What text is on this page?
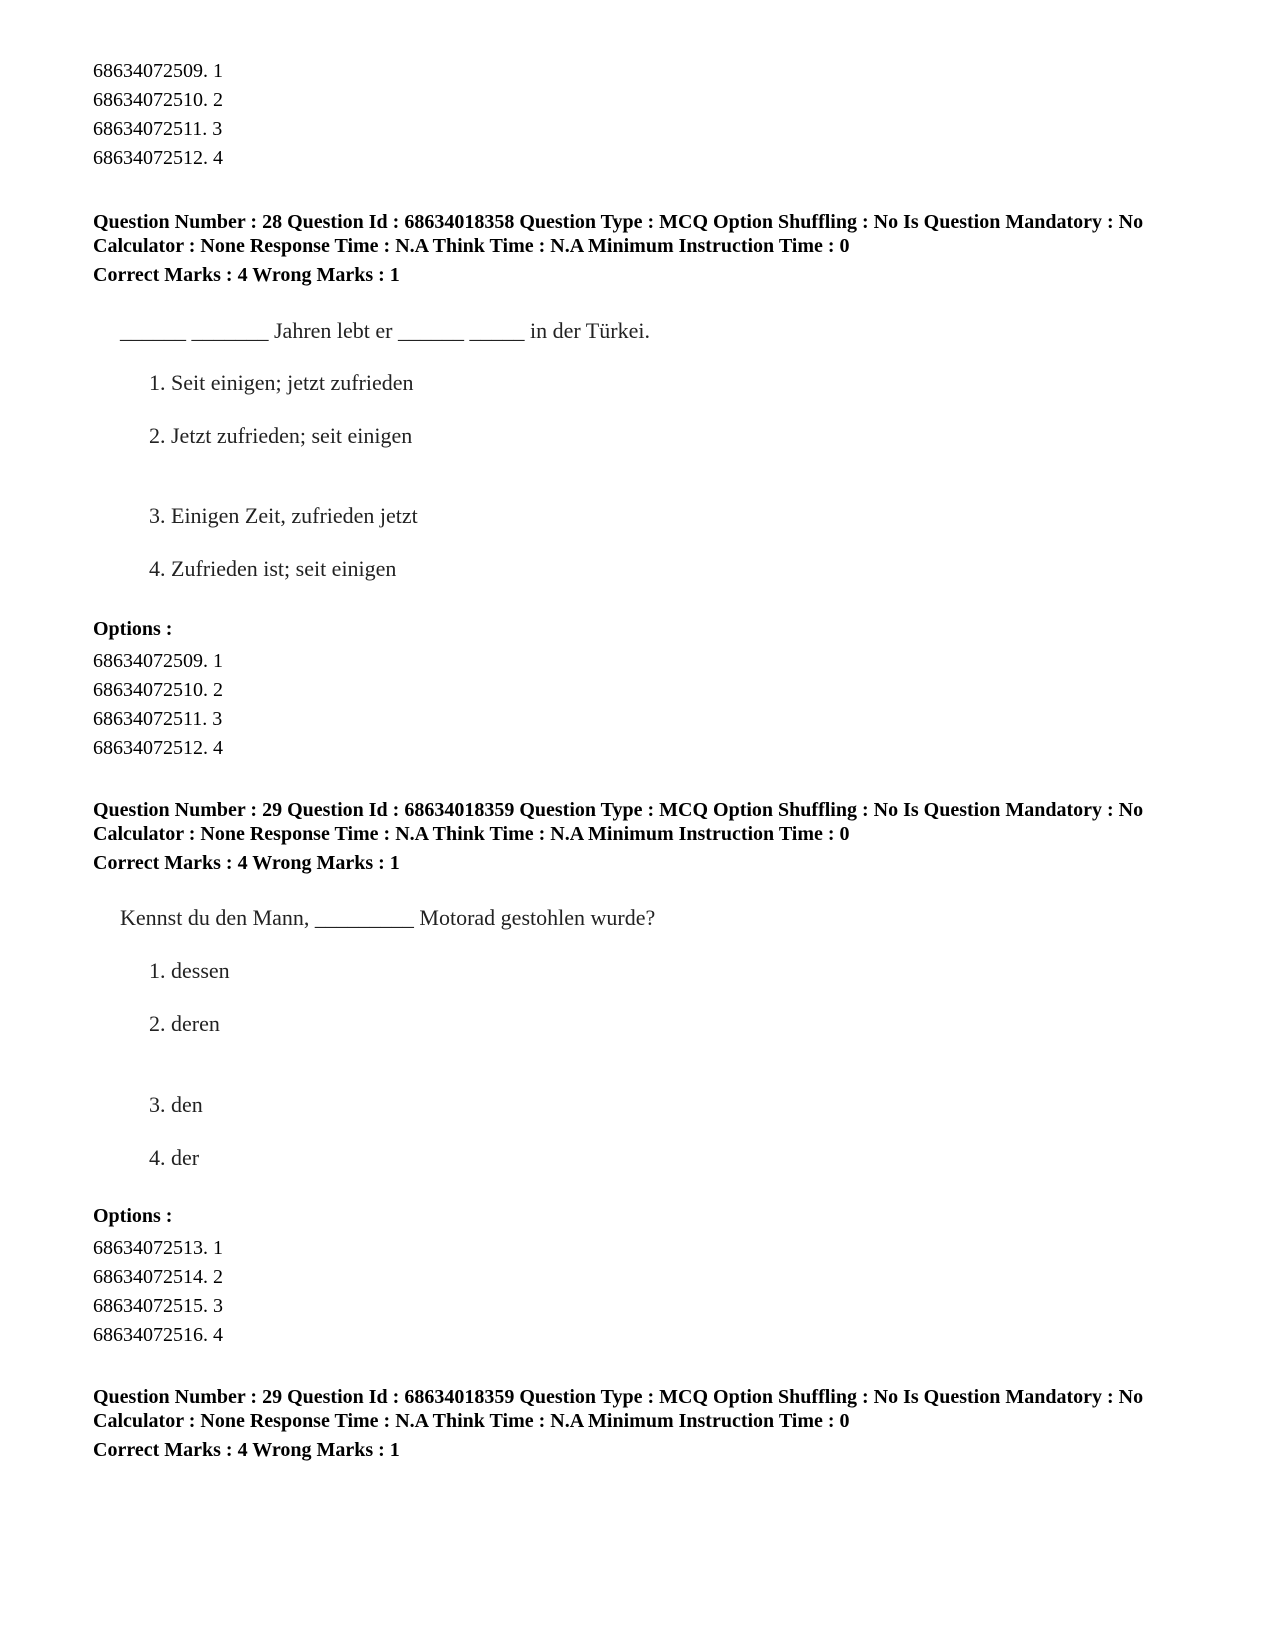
68634072509. 1
68634072510. 2
68634072511. 3
68634072512. 4
Question Number : 28 Question Id : 68634018358 Question Type : MCQ Option Shuffling : No Is Question Mandatory : No Calculator : None Response Time : N.A Think Time : N.A Minimum Instruction Time : 0
Correct Marks : 4 Wrong Marks : 1
______ _______ Jahren lebt er ______ _____ in der Türkei.
1. Seit einigen; jetzt zufrieden
2. Jetzt zufrieden; seit einigen
3. Einigen Zeit, zufrieden jetzt
4. Zufrieden ist; seit einigen
Options :
68634072509. 1
68634072510. 2
68634072511. 3
68634072512. 4
Question Number : 29 Question Id : 68634018359 Question Type : MCQ Option Shuffling : No Is Question Mandatory : No Calculator : None Response Time : N.A Think Time : N.A Minimum Instruction Time : 0
Correct Marks : 4 Wrong Marks : 1
Kennst du den Mann, _________ Motorad gestohlen wurde?
1. dessen
2. deren
3. den
4. der
Options :
68634072513. 1
68634072514. 2
68634072515. 3
68634072516. 4
Question Number : 29 Question Id : 68634018359 Question Type : MCQ Option Shuffling : No Is Question Mandatory : No Calculator : None Response Time : N.A Think Time : N.A Minimum Instruction Time : 0
Correct Marks : 4 Wrong Marks : 1
